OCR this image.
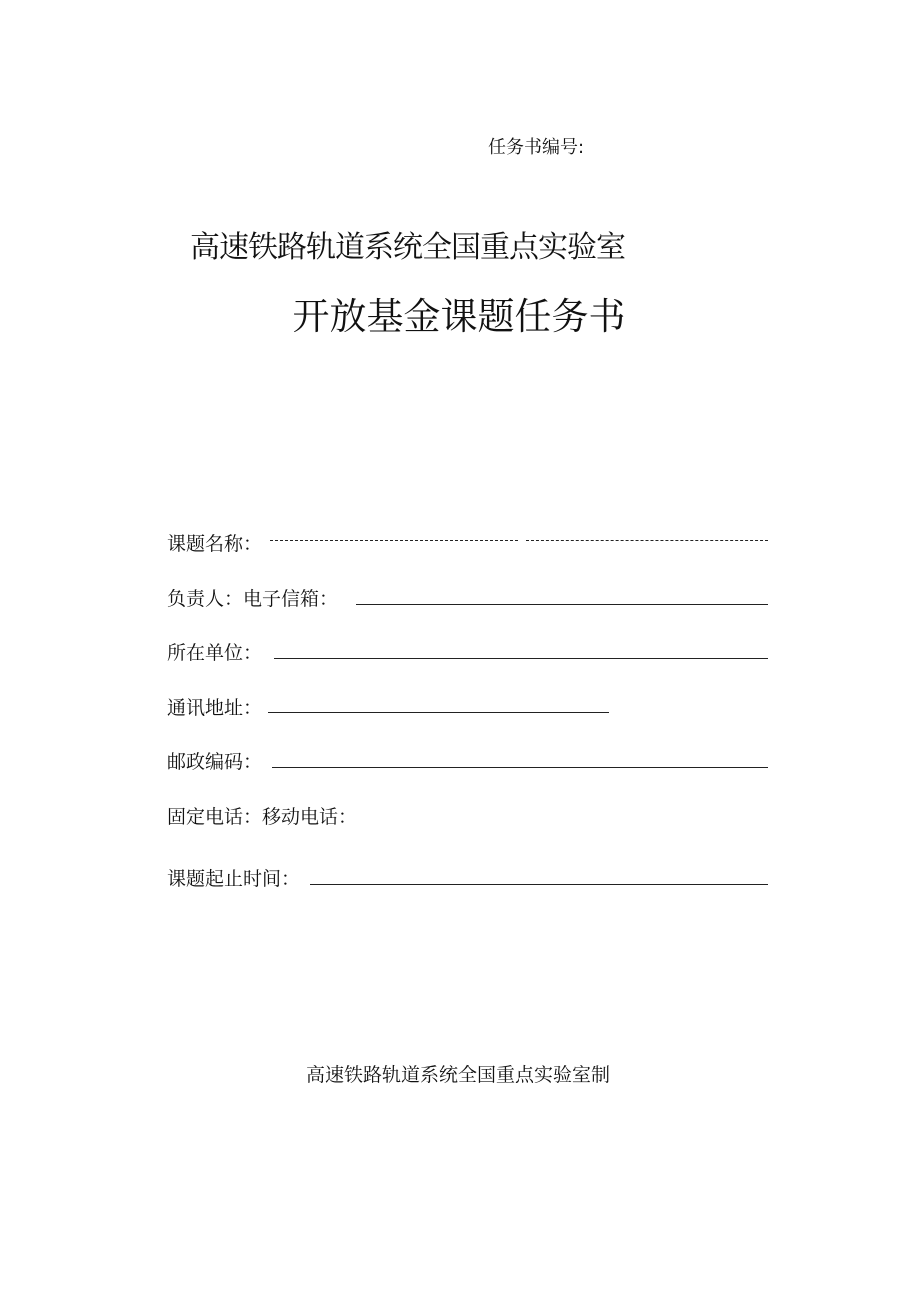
任务书编号:
高速铁路轨道系统全国重点实验室
开放基金课题任务书
课题名称：
负责人：电子信箱：
所在单位：
通讯地址：
邮政编码：
固定电话：移动电话：
课题起止时间：
高速铁路轨道系统全国重点实验室制
